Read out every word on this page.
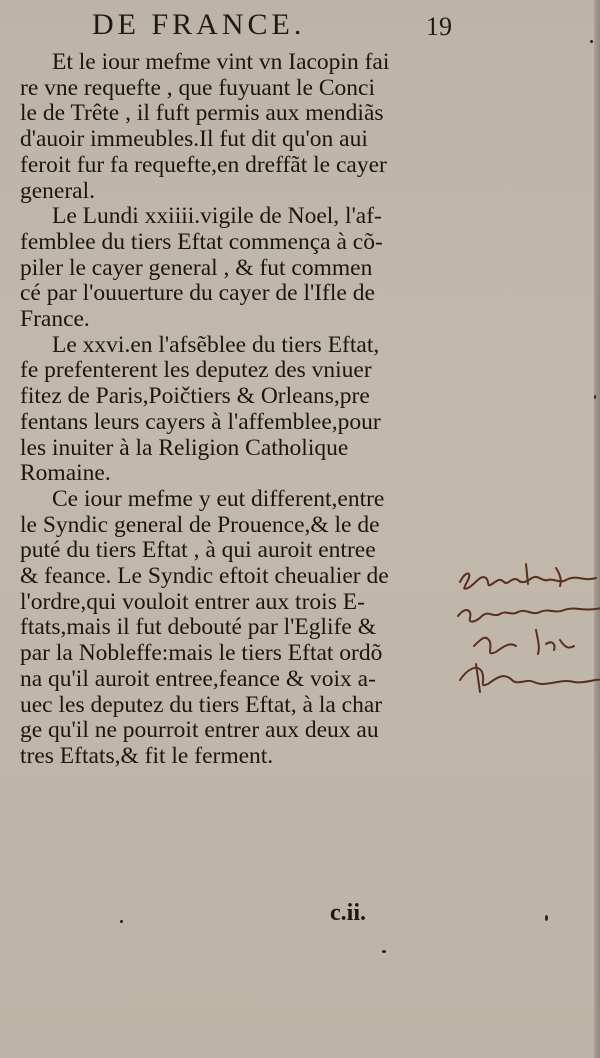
DE FRANCE.	19
Et le iour mefme vint vn Iacopin fai
re vne requefte , que fuyuant le Conci
le de Trête , il fuft permis aux mendiãs
d'auoir immeubles.Il fut dit qu'on aui
feroit fur fa requefte,en dreffãt le cayer
general.
Le Lundi xxiiii.vigile de Noel, l'af-
femblee du tiers Eftat commença à cõ-
piler le cayer general , & fut commen
cé par l'ouuerture du cayer de l'Ifle de
France.
Le xxvi.en l'afsẽblee du tiers Eftat,
fe prefenterent les deputez des vniuer
fitez de Paris,Poičtiers & Orleans,pre
fentans leurs cayers à l'affemblee,pour
les inuiter à la Religion Catholique
Romaine.
Ce iour mefme y eut different,entre
le Syndic general de Prouence,& le de
puté du tiers Eftat , à qui auroit entree
& feance. Le Syndic eftoit cheualier de
l'ordre,qui vouloit entrer aux trois E-
ftats,mais il fut debouté par l'Eglife &
par la Nobleffe:mais le tiers Eftat ordõ
na qu'il auroit entree,feance & voix a-
uec les deputez du tiers Eftat, à la char
ge qu'il ne pourroit entrer aux deux au
tres Eftats,& fit le ferment.
c.ii.
